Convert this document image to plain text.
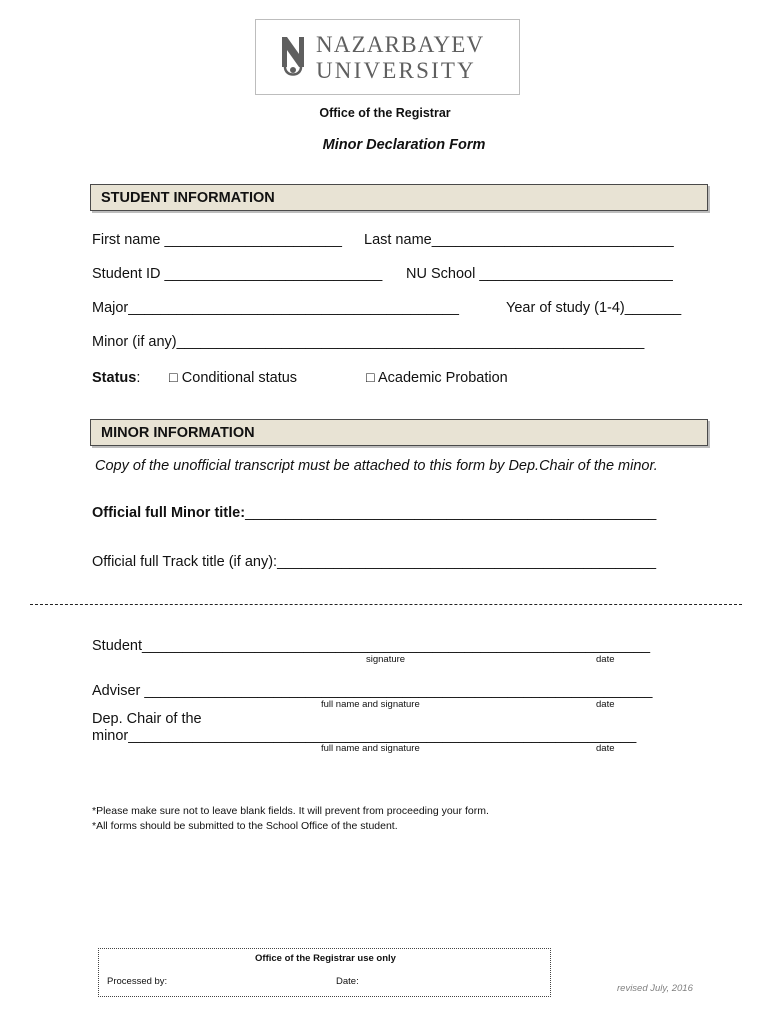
NAZARBAYEV
UNIVERSITY
Office of the Registrar
Minor Declaration Form
STUDENT INFORMATION
First name ______________________ Last name______________________________
Student ID ___________________________ NU School ________________________
Major_________________________________________	Year of study (1-4)_______
Minor (if any)__________________________________________________________
Status: □ Conditional status	□ Academic Probation
MINOR INFORMATION
Copy of the unofficial transcript must be attached to this form by Dep.Chair of the minor.
Official full Minor title:___________________________________________________
Official full Track title (if any):_______________________________________________
Student_______________________________________________________________
signature	date
Adviser _______________________________________________________________
full name and signature	date
Dep. Chair of the
minor_______________________________________________________________
full name and signature	date
*Please make sure not to leave blank fields. It will prevent from proceeding your form.
*All forms should be submitted to the School Office of the student.
Office of the Registrar use only
Processed by:	Date:
revised July, 2016
